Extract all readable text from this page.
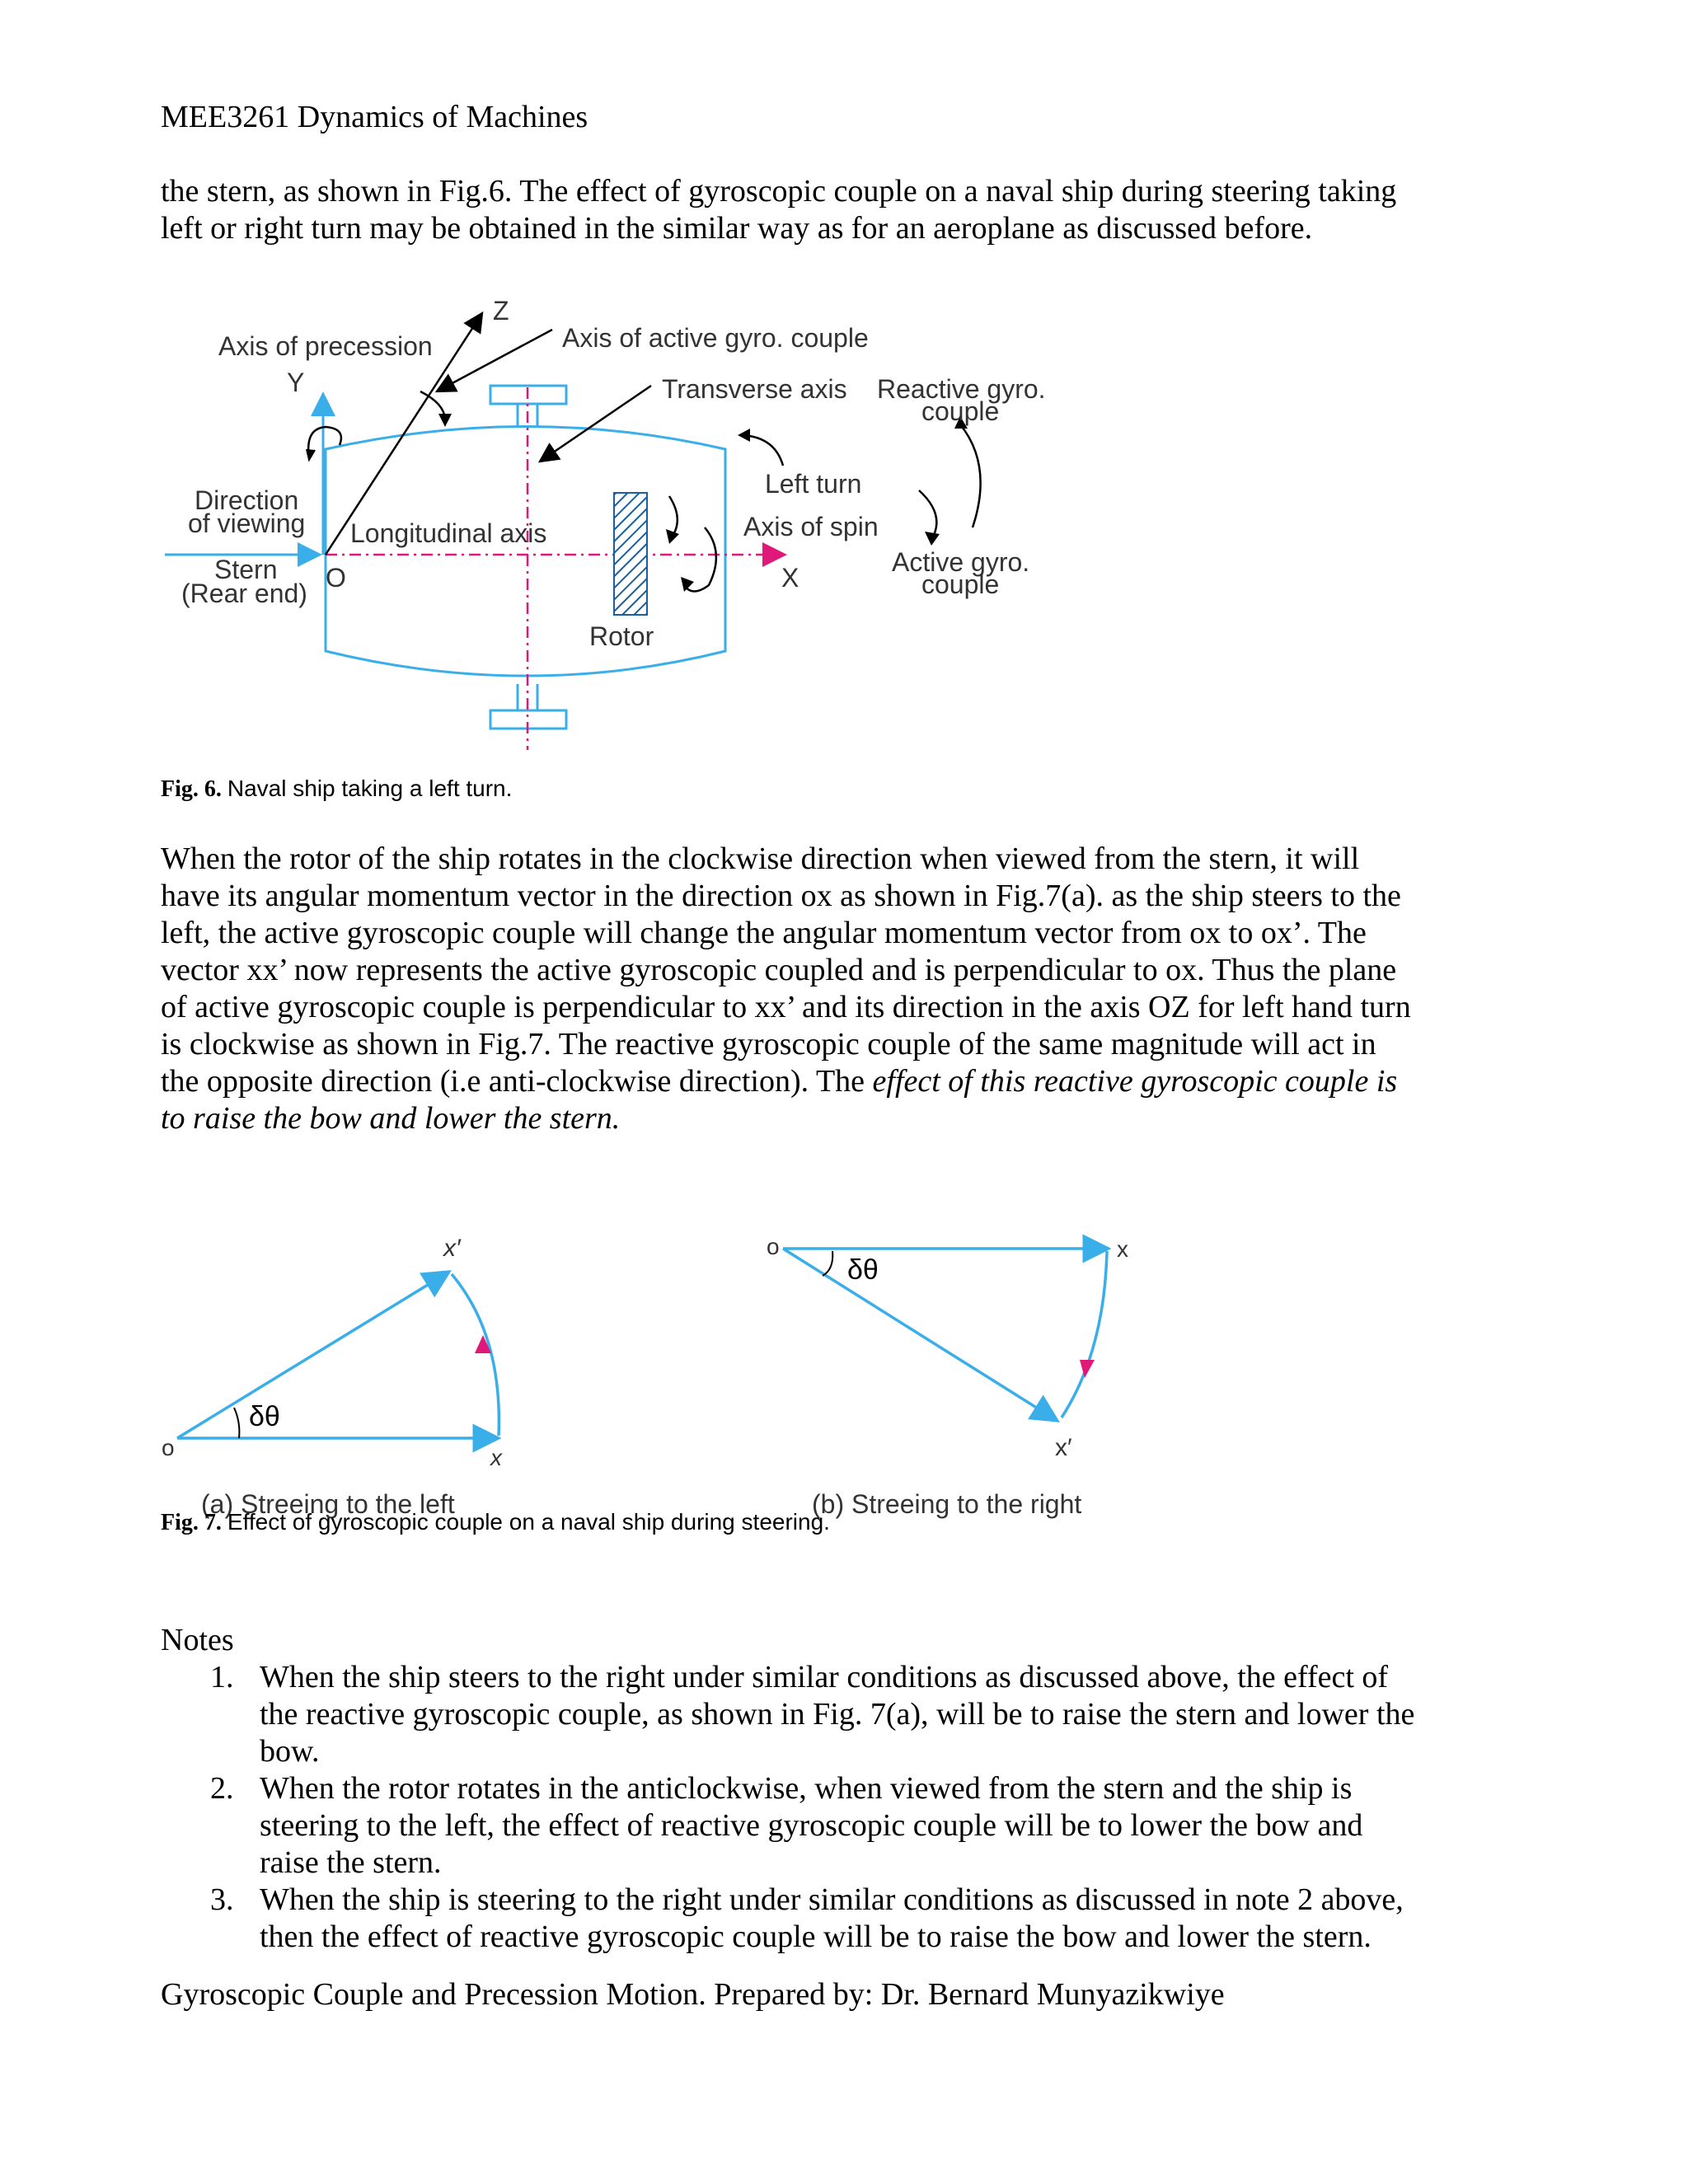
MEE3261 Dynamics of Machines

the stern, as shown in Fig.6. The effect of gyroscopic couple on a naval ship during steering taking

left or right turn may be obtained in the similar way as for an aeroplane as discussed before.

Axis of precession
Y
Z
Axis of active gyro. couple
Transverse axis Reactive gyro.
couple
Direction
of viewing Longitudinal axis
Left turn
Axis of spin
Active gyro.
couple
Stern
(Rear end)
O	X
Rotor
Fig. 6. Naval ship taking a left turn.

When the rotor of the ship rotates in the clockwise direction when viewed from the stern, it will

have its angular momentum vector in the direction ox as shown in Fig.7(a). as the ship steers to the

left, the active gyroscopic couple will change the angular momentum vector from ox to ox’. The

vector xx’ now represents the active gyroscopic coupled and is perpendicular to ox. Thus the plane

of active gyroscopic couple is perpendicular to xx’ and its direction in the axis OZ for left hand turn

is clockwise as shown in Fig.7. The reactive gyroscopic couple of the same magnitude will act in

the opposite direction (i.e anti-clockwise direction). The effect of this reactive gyroscopic couple is

to raise the bow and lower the stern.

δθ
o	x
x′
(a) Streeing to the left
δθ
o	x
x′
(b) Streeing to the right
Fig. 7. Effect of gyroscopic couple on a naval ship during steering.
Notes
1. When the ship steers to the right under similar conditions as discussed above, the effect of
the reactive gyroscopic couple, as shown in Fig. 7(a), will be to raise the stern and lower the
bow.
2. When the rotor rotates in the anticlockwise, when viewed from the stern and the ship is
steering to the left, the effect of reactive gyroscopic couple will be to lower the bow and
raise the stern.
3. When the ship is steering to the right under similar conditions as discussed in note 2 above,
then the effect of reactive gyroscopic couple will be to raise the bow and lower the stern.
Gyroscopic Couple and Precession Motion. Prepared by: Dr. Bernard Munyazikwiye
